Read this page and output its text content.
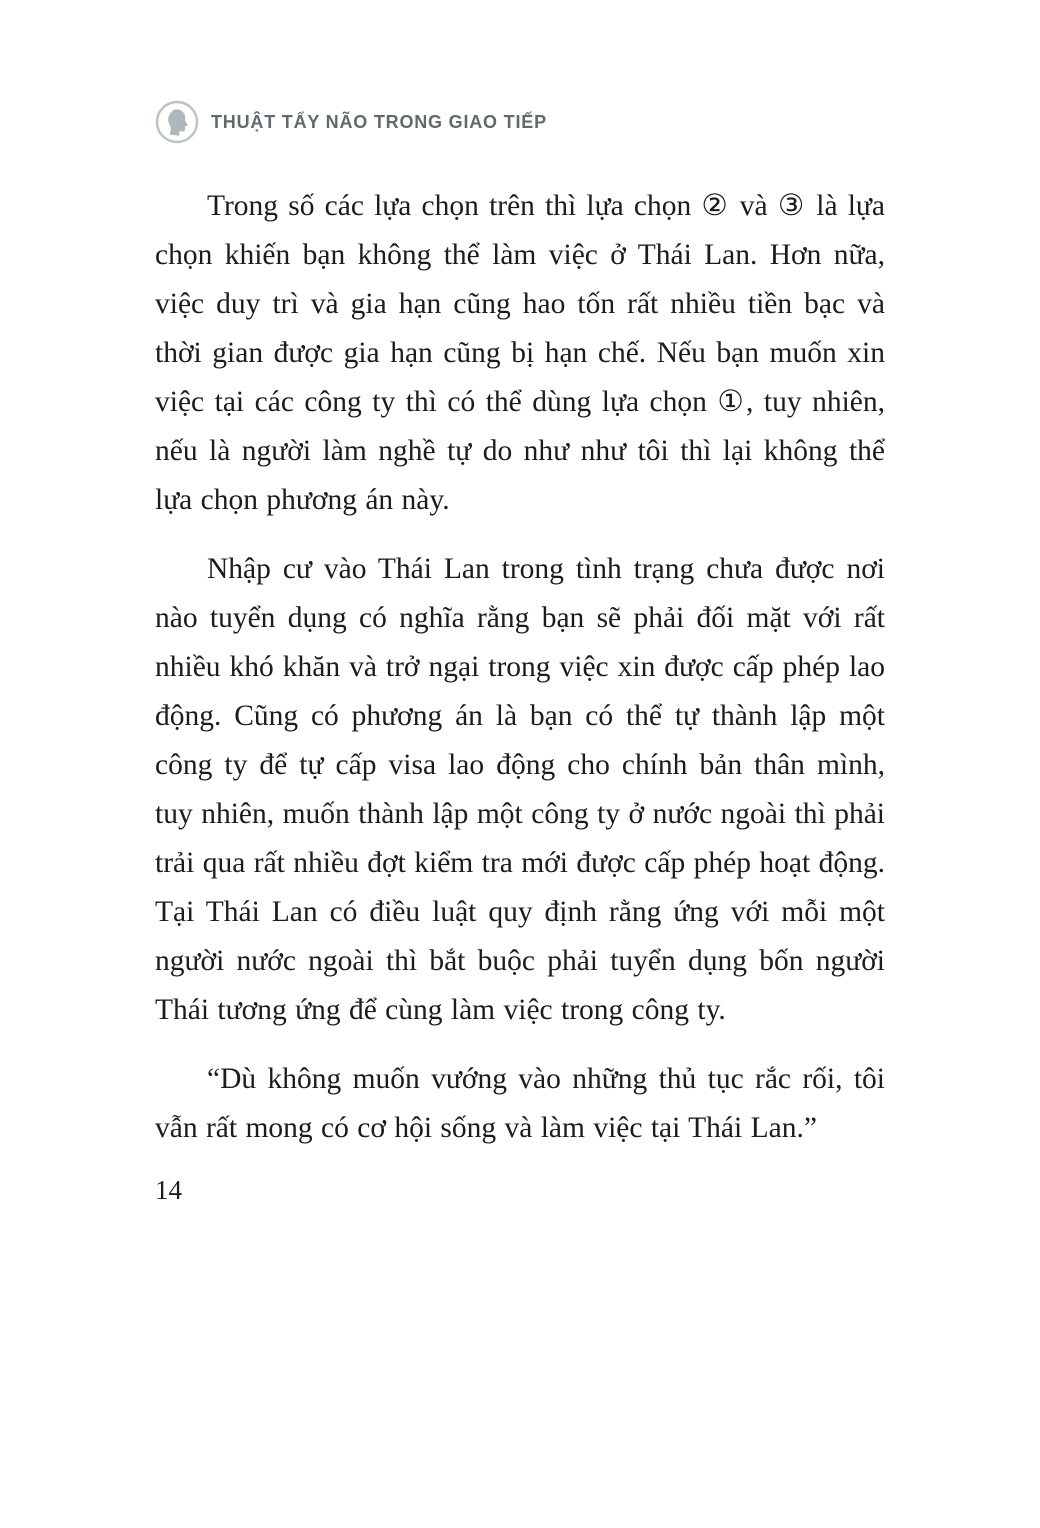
THUẬT TẨY NÃO TRONG GIAO TIẾP

Trong số các lựa chọn trên thì lựa chọn ② và ③ là lựa chọn khiến bạn không thể làm việc ở Thái Lan. Hơn nữa, việc duy trì và gia hạn cũng hao tốn rất nhiều tiền bạc và thời gian được gia hạn cũng bị hạn chế. Nếu bạn muốn xin việc tại các công ty thì có thể dùng lựa chọn ①, tuy nhiên, nếu là người làm nghề tự do như như tôi thì lại không thể lựa chọn phương án này.

Nhập cư vào Thái Lan trong tình trạng chưa được nơi nào tuyển dụng có nghĩa rằng bạn sẽ phải đối mặt với rất nhiều khó khăn và trở ngại trong việc xin được cấp phép lao động. Cũng có phương án là bạn có thể tự thành lập một công ty để tự cấp visa lao động cho chính bản thân mình, tuy nhiên, muốn thành lập một công ty ở nước ngoài thì phải trải qua rất nhiều đợt kiểm tra mới được cấp phép hoạt động. Tại Thái Lan có điều luật quy định rằng ứng với mỗi một người nước ngoài thì bắt buộc phải tuyển dụng bốn người Thái tương ứng để cùng làm việc trong công ty.

“Dù không muốn vướng vào những thủ tục rắc rối, tôi vẫn rất mong có cơ hội sống và làm việc tại Thái Lan.”

14
